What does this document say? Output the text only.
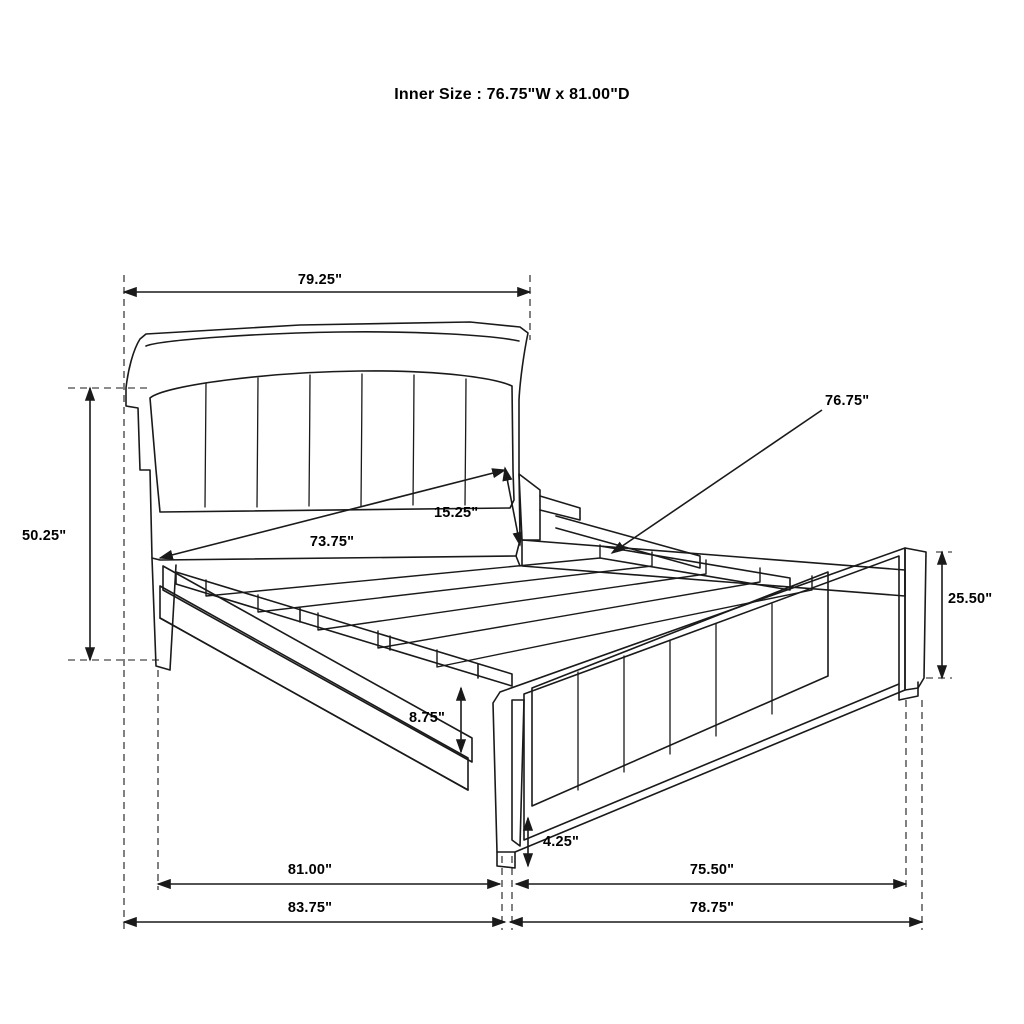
Inner Size : 76.75"W x 81.00"D
79.25"
50.25"	73.75"
15.25"
76.75"
25.50"
8.75"
4.25"
81.00"
83.75"
75.50"
78.75"
